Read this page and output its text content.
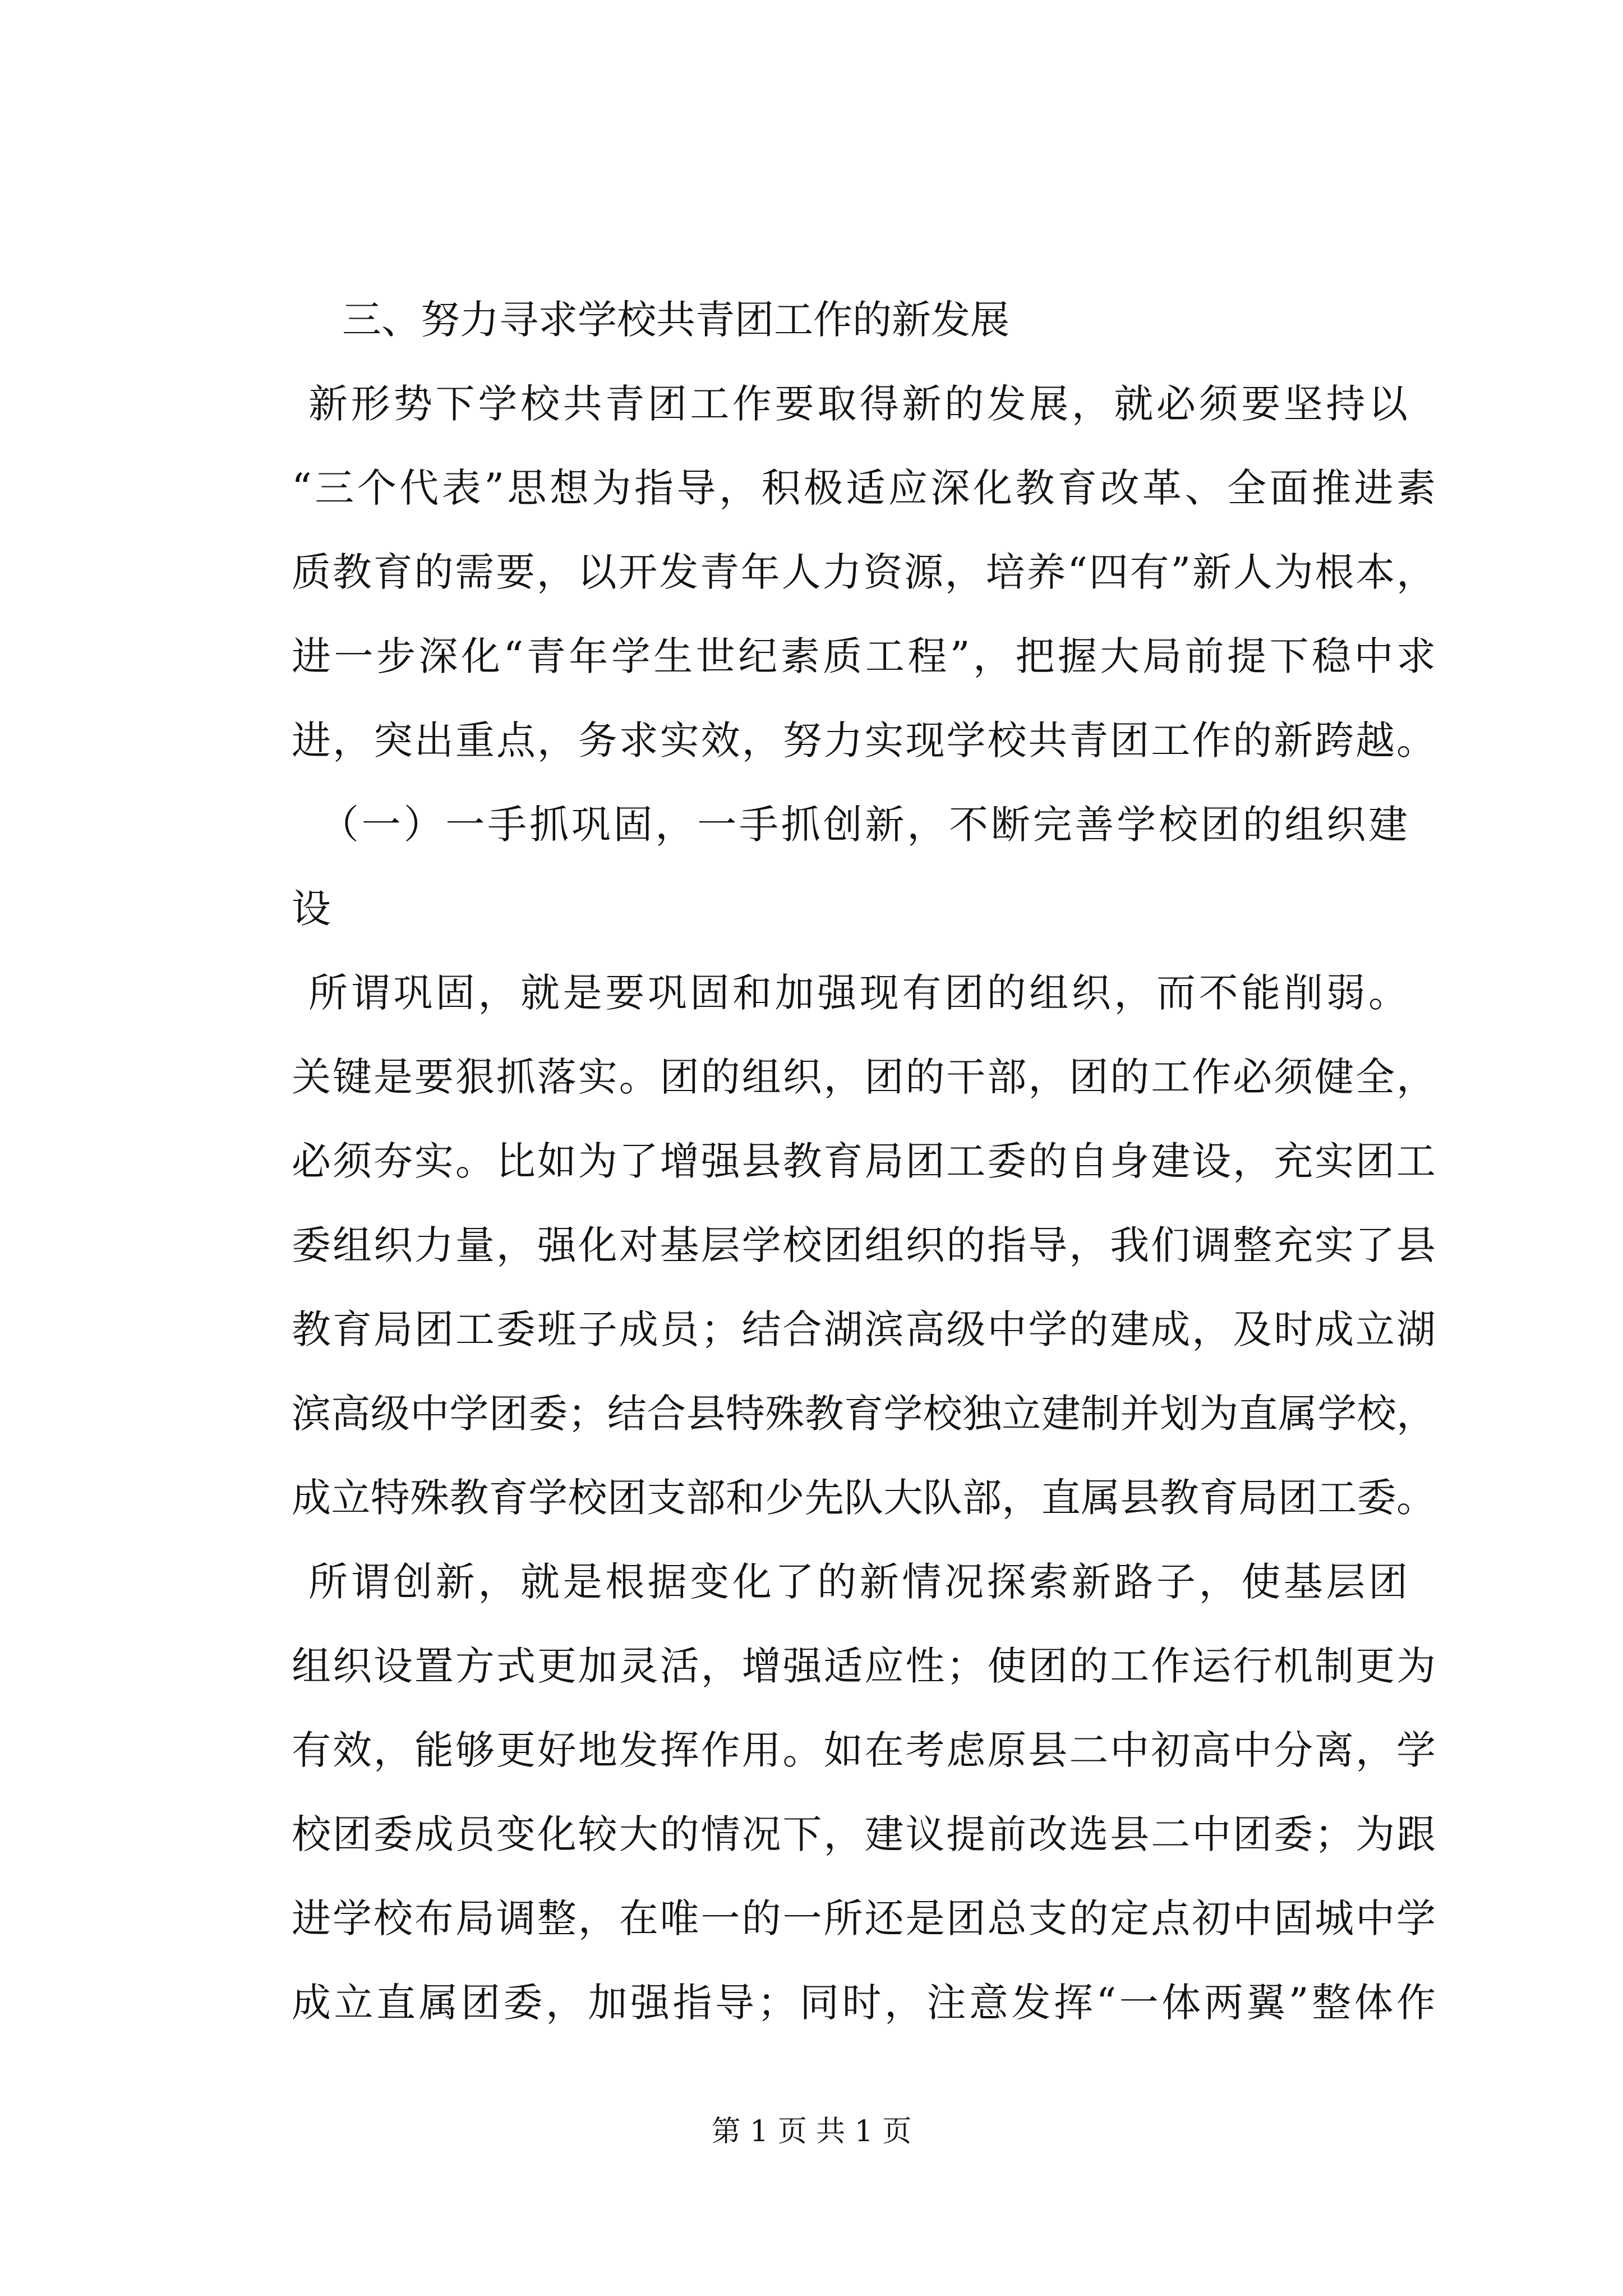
三、努力寻求学校共青团工作的新发展
新形势下学校共青团工作要取得新的发展，就必须要坚持以
“三个代表”思想为指导，积极适应深化教育改革、全面推进素
质教育的需要，以开发青年人力资源，培养“四有”新人为根本，
进一步深化“青年学生世纪素质工程”，把握大局前提下稳中求
进，突出重点，务求实效，努力实现学校共青团工作的新跨越。
（一）一手抓巩固，一手抓创新，不断完善学校团的组织建
设
所谓巩固，就是要巩固和加强现有团的组织，而不能削弱。
关键是要狠抓落实。团的组织，团的干部，团的工作必须健全，
必须夯实。比如为了增强县教育局团工委的自身建设，充实团工
委组织力量，强化对基层学校团组织的指导，我们调整充实了县
教育局团工委班子成员；结合湖滨高级中学的建成，及时成立湖
滨高级中学团委；结合县特殊教育学校独立建制并划为直属学校，
成立特殊教育学校团支部和少先队大队部，直属县教育局团工委。
所谓创新，就是根据变化了的新情况探索新路子，使基层团
组织设置方式更加灵活，增强适应性；使团的工作运行机制更为
有效，能够更好地发挥作用。如在考虑原县二中初高中分离，学
校团委成员变化较大的情况下，建议提前改选县二中团委；为跟
进学校布局调整，在唯一的一所还是团总支的定点初中固城中学
成立直属团委，加强指导；同时，注意发挥“一体两翼”整体作
第 1 页 共 1 页
